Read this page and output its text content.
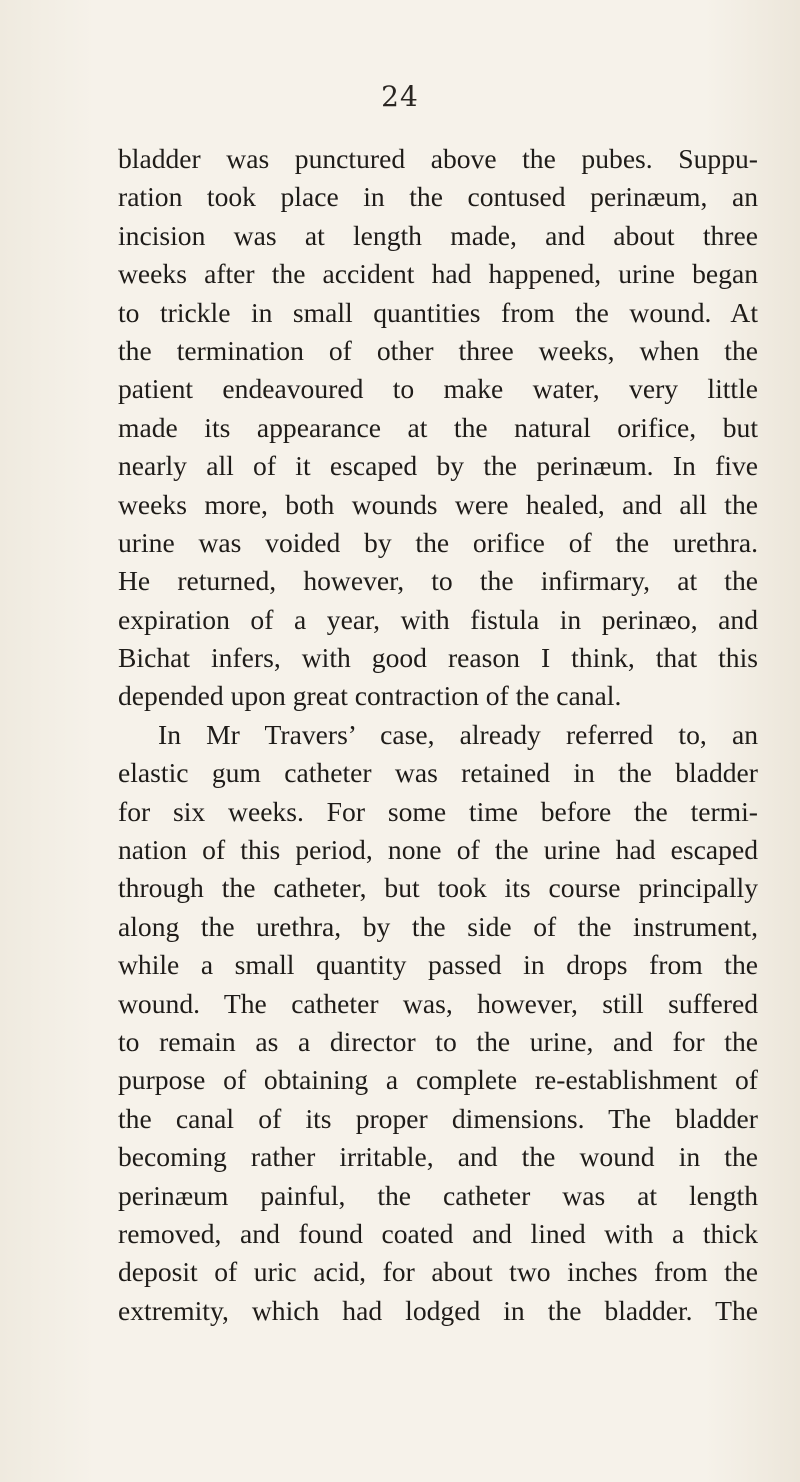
24
bladder was punctured above the pubes. Suppu-
ration took place in the contused perinæum, an
incision was at length made, and about three
weeks after the accident had happened, urine began
to trickle in small quantities from the wound. At
the termination of other three weeks, when the
patient endeavoured to make water, very little
made its appearance at the natural orifice, but
nearly all of it escaped by the perinæum. In five
weeks more, both wounds were healed, and all the
urine was voided by the orifice of the urethra.
He returned, however, to the infirmary, at the
expiration of a year, with fistula in perinæo, and
Bichat infers, with good reason I think, that this
depended upon great contraction of the canal.
In Mr Travers’ case, already referred to, an
elastic gum catheter was retained in the bladder
for six weeks. For some time before the termi-
nation of this period, none of the urine had escaped
through the catheter, but took its course principally
along the urethra, by the side of the instrument,
while a small quantity passed in drops from the
wound. The catheter was, however, still suffered
to remain as a director to the urine, and for the
purpose of obtaining a complete re-establishment of
the canal of its proper dimensions. The bladder
becoming rather irritable, and the wound in the
perinæum painful, the catheter was at length
removed, and found coated and lined with a thick
deposit of uric acid, for about two inches from the
extremity, which had lodged in the bladder. The
